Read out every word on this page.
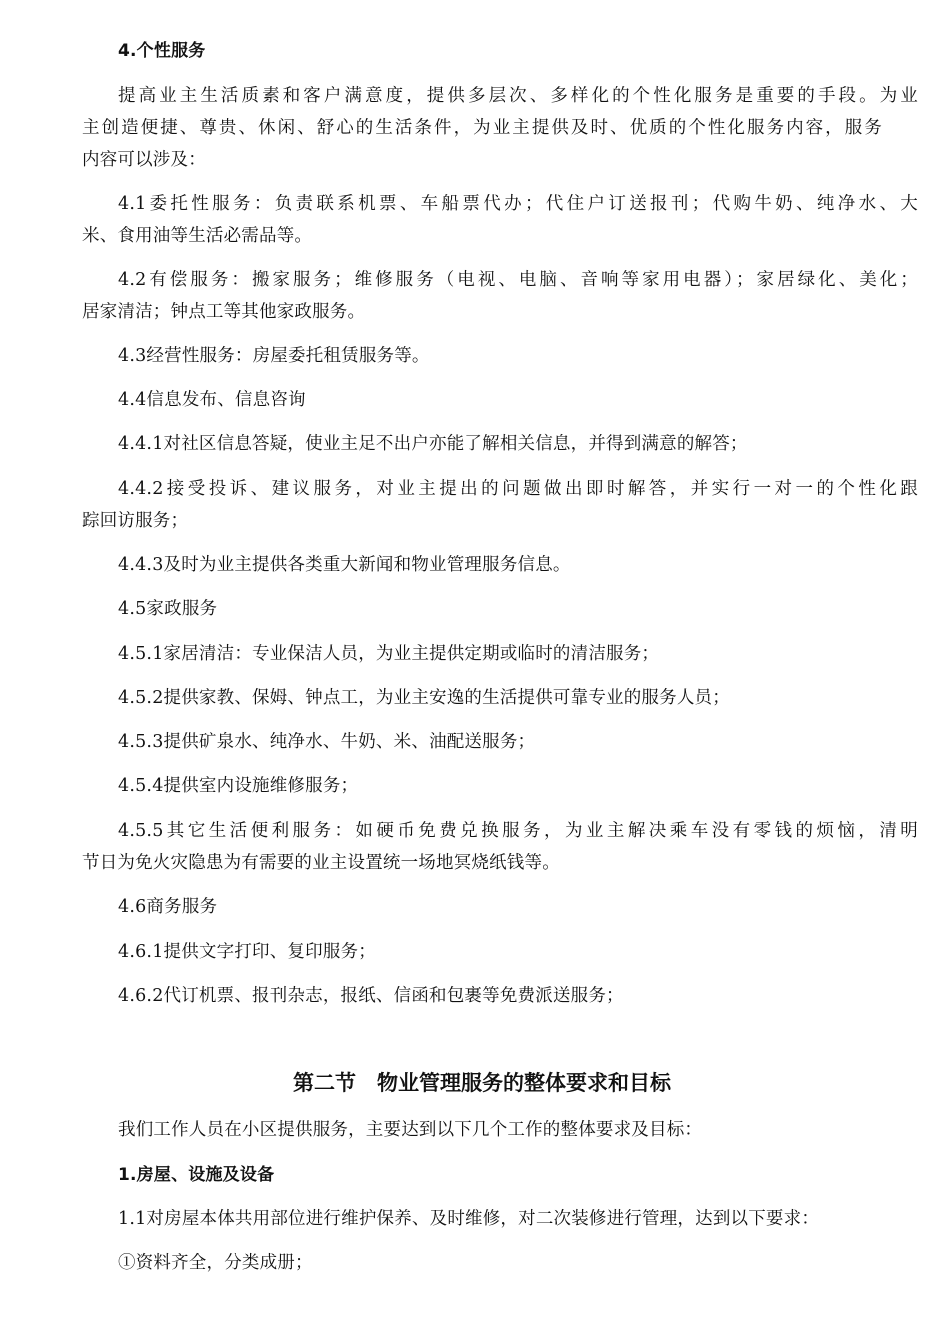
4.个性服务
提高业主生活质素和客户满意度，提供多层次、多样化的个性化服务是重要的手段。为业
主创造便捷、尊贵、休闲、舒心的生活条件，为业主提供及时、优质的个性化服务内容，服务
内容可以涉及：
4.1委托性服务：负责联系机票、车船票代办；代住户订送报刊；代购牛奶、纯净水、大
米、食用油等生活必需品等。
4.2有偿服务：搬家服务；维修服务（电视、电脑、音响等家用电器）；家居绿化、美化；
居家清洁；钟点工等其他家政服务。
4.3经营性服务：房屋委托租赁服务等。
4.4信息发布、信息咨询
4.4.1对社区信息答疑，使业主足不出户亦能了解相关信息，并得到满意的解答；
4.4.2接受投诉、建议服务，对业主提出的问题做出即时解答，并实行一对一的个性化跟
踪回访服务；
4.4.3及时为业主提供各类重大新闻和物业管理服务信息。
4.5家政服务
4.5.1家居清洁：专业保洁人员，为业主提供定期或临时的清洁服务；
4.5.2提供家教、保姆、钟点工，为业主安逸的生活提供可靠专业的服务人员；
4.5.3提供矿泉水、纯净水、牛奶、米、油配送服务；
4.5.4提供室内设施维修服务；
4.5.5其它生活便利服务：如硬币免费兑换服务，为业主解决乘车没有零钱的烦恼，清明
节日为免火灾隐患为有需要的业主设置统一场地冥烧纸钱等。
4.6商务服务
4.6.1提供文字打印、复印服务；
4.6.2代订机票、报刊杂志，报纸、信函和包裹等免费派送服务；
第二节　物业管理服务的整体要求和目标
我们工作人员在小区提供服务，主要达到以下几个工作的整体要求及目标：
1.房屋、设施及设备
1.1对房屋本体共用部位进行维护保养、及时维修，对二次装修进行管理，达到以下要求：
①资料齐全，分类成册；
